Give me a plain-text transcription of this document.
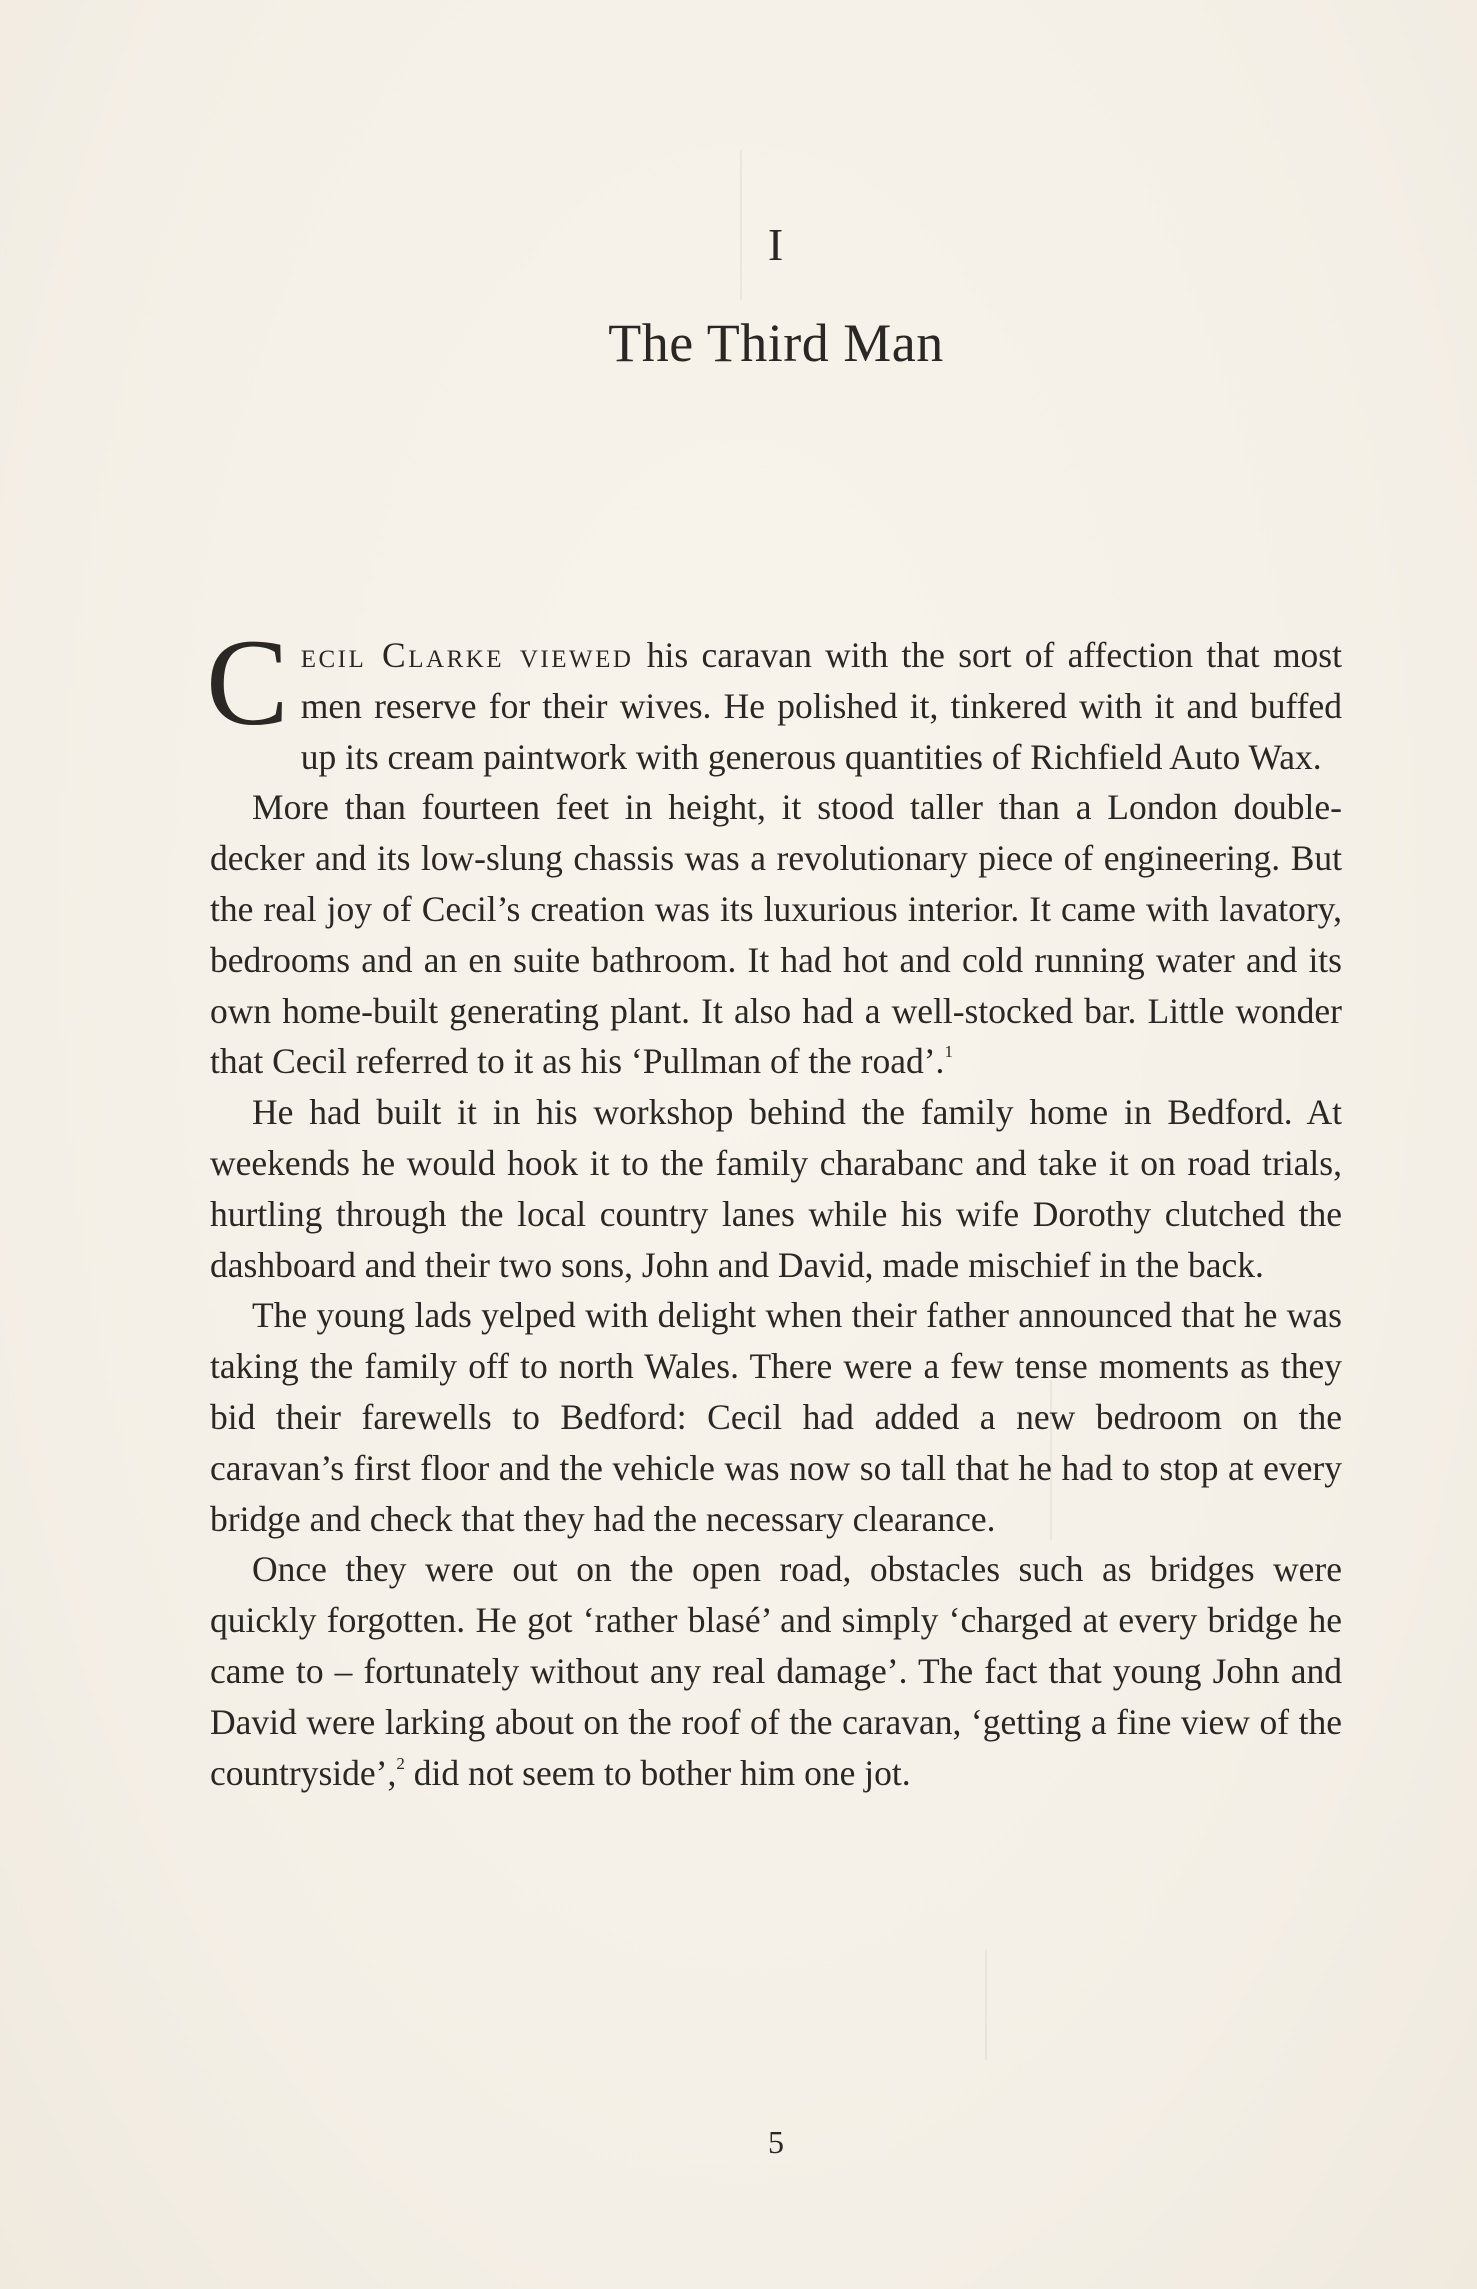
I
The Third Man

Cecil Clarke viewed his caravan with the sort of affection that most men reserve for their wives. He polished it, tinkered with it and buffed up its cream paintwork with generous quantities of Richfield Auto Wax.

More than fourteen feet in height, it stood taller than a London double-decker and its low-slung chassis was a revolutionary piece of engineering. But the real joy of Cecil’s creation was its luxurious interior. It came with lavatory, bedrooms and an en suite bathroom. It had hot and cold running water and its own home-built generating plant. It also had a well-stocked bar. Little wonder that Cecil referred to it as his ‘Pullman of the road’.$^1$

He had built it in his workshop behind the family home in Bedford. At weekends he would hook it to the family charabanc and take it on road trials, hurtling through the local country lanes while his wife Dorothy clutched the dashboard and their two sons, John and David, made mischief in the back.

The young lads yelped with delight when their father announced that he was taking the family off to north Wales. There were a few tense moments as they bid their farewells to Bedford: Cecil had added a new bedroom on the caravan’s first floor and the vehicle was now so tall that he had to stop at every bridge and check that they had the necessary clearance.

Once they were out on the open road, obstacles such as bridges were quickly forgotten. He got ‘rather blasé’ and simply ‘charged at every bridge he came to – fortunately without any real damage’. The fact that young John and David were larking about on the roof of the caravan, ‘getting a fine view of the countryside’,$^2$ did not seem to bother him one jot.

5
